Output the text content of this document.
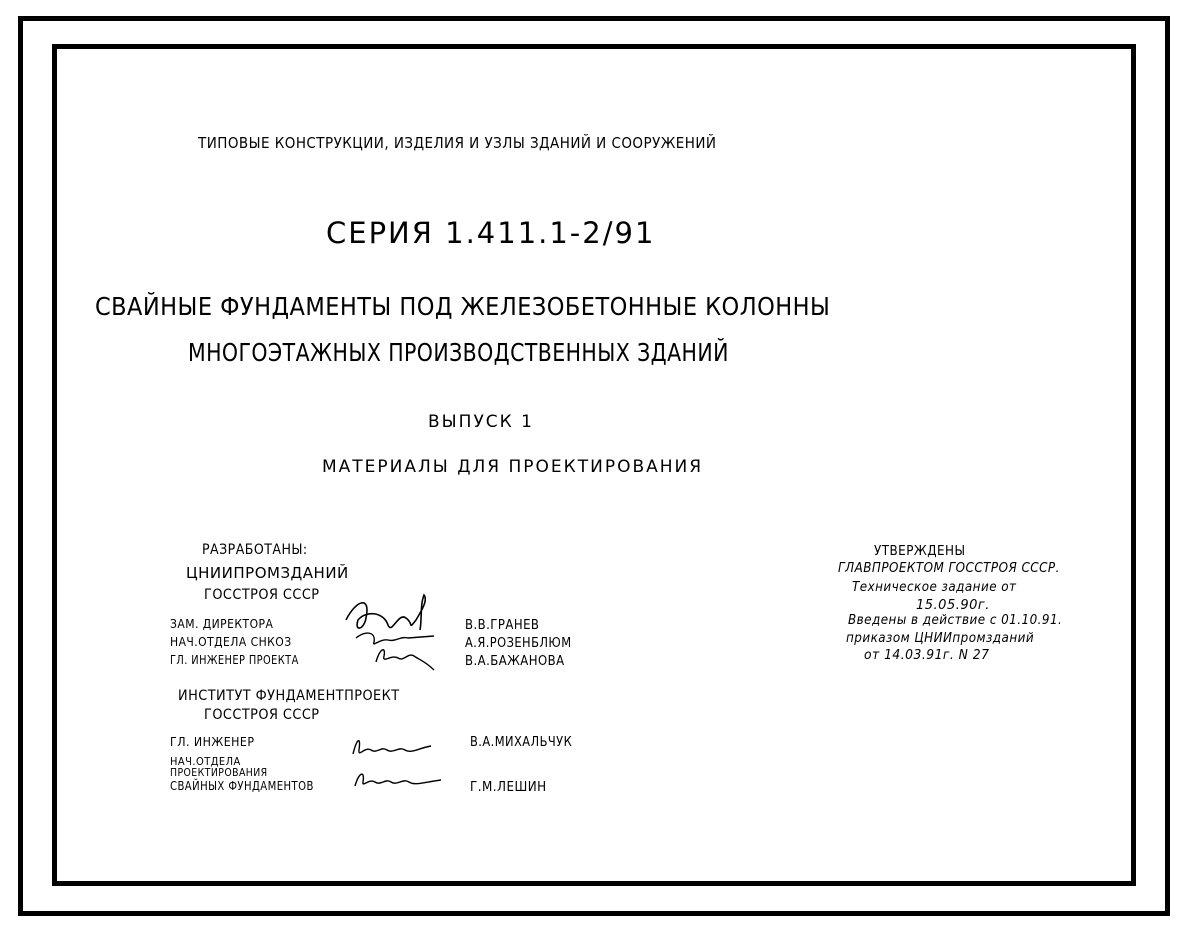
ТИПОВЫЕ КОНСТРУКЦИИ, ИЗДЕЛИЯ И УЗЛЫ ЗДАНИЙ И СООРУЖЕНИЙ
СЕРИЯ 1.411.1-2/91
СВАЙНЫЕ ФУНДАМЕНТЫ ПОД ЖЕЛЕЗОБЕТОННЫЕ КОЛОННЫ
МНОГОЭТАЖНЫХ ПРОИЗВОДСТВЕННЫХ ЗДАНИЙ
ВЫПУСК 1
МАТЕРИАЛЫ ДЛЯ ПРОЕКТИРОВАНИЯ
РАЗРАБОТАНЫ:
ЦНИИПРОМЗДАНИЙ
ГОССТРОЯ СССР
ЗАМ. ДИРЕКТОРА
НАЧ.ОТДЕЛА СНКОЗ
ГЛ. ИНЖЕНЕР ПРОЕКТА
В.В.ГРАНЕВ
А.Я.РОЗЕНБЛЮМ
В.А.БАЖАНОВА
ИНСТИТУТ ФУНДАМЕНТПРОЕКТ
ГОССТРОЯ СССР
ГЛ. ИНЖЕНЕР
НАЧ.ОТДЕЛА
ПРОЕКТИРОВАНИЯ
СВАЙНЫХ ФУНДАМЕНТОВ
В.А.МИХАЛЬЧУК
Г.М.ЛЕШИН
УТВЕРЖДЕНЫ
ГЛАВПРОЕКТОМ ГОССТРОЯ СССР.
Техническое задание от
15.05.90г.
Введены в действие с 01.10.91.
приказом ЦНИИпромзданий
от 14.03.91г. N 27
